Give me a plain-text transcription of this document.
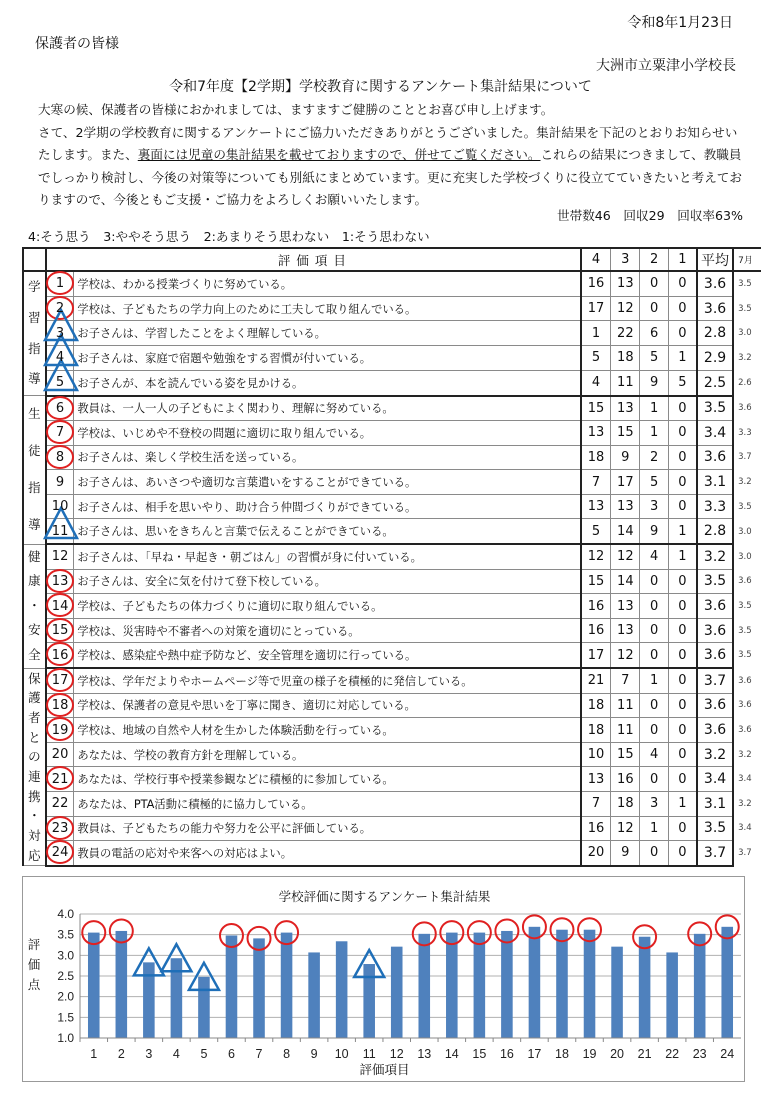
令和8年1月23日
保護者の皆様
大洲市立粟津小学校長
令和7年度【2学期】学校教育に関するアンケート集計結果について

大寒の候、保護者の皆様におかれましては、ますますご健勝のこととお喜び申し上げます。

さて、2学期の学校教育に関するアンケートにご協力いただきありがとうございました。集計結果を下記のとおりお知らせいたします。また、裏面には児童の集計結果を載せておりますので、併せてご覧ください。これらの結果につきまして、教職員でしっかり検討し、今後の対策等についても別紙にまとめています。更に充実した学校づくりに役立てていきたいと考えておりますので、今後ともご支援・ご協力をよろしくお願いいたします。

世帯数46　回収29　回収率63%
4:そう思う　3:ややそう思う　2:あまりそう思わない　1:そう思わない
	評価項目		4	3	2	1	平均	7月

学
習
指
導	1	学校は、わかる授業づくりに努めている。	16	13	0	0	3.6	3.5
	2	学校は、子どもたちの学力向上のために工夫して取り組んでいる。	17	12	0	0	3.6	3.5
	3	お子さんは、学習したことをよく理解している。	1	22	6	0	2.8	3.0
	4	お子さんは、家庭で宿題や勉強をする習慣が付いている。	5	18	5	1	2.9	3.2
	5	お子さんが、本を読んでいる姿を見かける。	4	11	9	5	2.5	2.6

生
徒
指
導	6	教員は、一人一人の子どもによく関わり、理解に努めている。	15	13	1	0	3.5	3.6
	7	学校は、いじめや不登校の問題に適切に取り組んでいる。	13	15	1	0	3.4	3.3
	8	お子さんは、楽しく学校生活を送っている。	18	9	2	0	3.6	3.7
	9	お子さんは、あいさつや適切な言葉遣いをすることができている。	7	17	5	0	3.1	3.2
	10	お子さんは、相手を思いやり、助け合う仲間づくりができている。	13	13	3	0	3.3	3.5
	11	お子さんは、思いをきちんと言葉で伝えることができている。	5	14	9	1	2.8	3.0

健
康
・
安
全	12	お子さんは、「早ね・早起き・朝ごはん」の習慣が身に付いている。	12	12	4	1	3.2	3.0
	13	お子さんは、安全に気を付けて登下校している。	15	14	0	0	3.5	3.6
	14	学校は、子どもたちの体力づくりに適切に取り組んでいる。	16	13	0	0	3.6	3.5
	15	学校は、災害時や不審者への対策を適切にとっている。	16	13	0	0	3.6	3.5
	16	学校は、感染症や熱中症予防など、安全管理を適切に行っている。	17	12	0	0	3.6	3.5

保
護
者
と
の
連
携
・
対
応
	17	学校は、学年だよりやホームページ等で児童の様子を積極的に発信している。	21	7	1	0	3.7	3.6
	18	学校は、保護者の意見や思いを丁寧に聞き、適切に対応している。	18	11	0	0	3.6	3.6
	19	学校は、地域の自然や人材を生かした体験活動を行っている。	18	11	0	0	3.6	3.6
	20	あなたは、学校の教育方針を理解している。	10	15	4	0	3.2	3.2
	21	あなたは、学校行事や授業参観などに積極的に参加している。	13	16	0	0	3.4	3.4
	22	あなたは、PTA活動に積極的に協力している。	7	18	3	1	3.1	3.2
	23	教員は、子どもたちの能力や努力を公平に評価している。	16	12	1	0	3.5	3.4
	24	教員の電話の応対や来客への対応はよい。	20	9	0	0	3.7	3.7
学校評価に関するアンケート集計結果
評価点
1.0
1.5
2.0
2.5
3.0
3.5
4.0
1 2 3 4 5 6 7 8 9 10 11 12 13 14 15 16 17 18 19 20 21 22 23 24
評価項目
